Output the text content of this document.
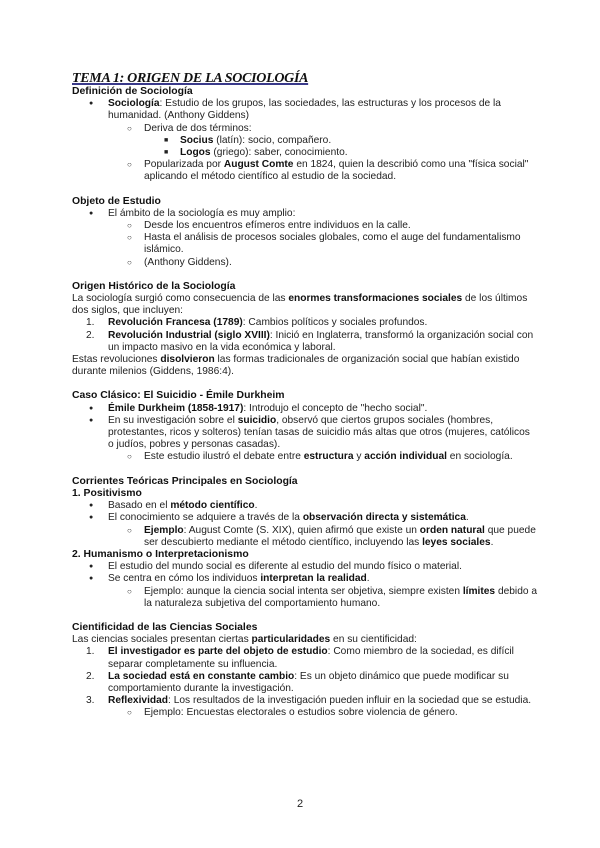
TEMA 1: ORIGEN DE LA SOCIOLOGÍA
Definición de Sociología
● Sociología: Estudio de los grupos, las sociedades, las estructuras y los procesos de la humanidad. (Anthony Giddens)
○ Deriva de dos términos:
■ Socius (latín): socio, compañero.
■ Logos (griego): saber, conocimiento.
○ Popularizada por August Comte en 1824, quien la describió como una "física social" aplicando el método científico al estudio de la sociedad.
Objeto de Estudio
● El ámbito de la sociología es muy amplio:
○ Desde los encuentros efímeros entre individuos en la calle.
○ Hasta el análisis de procesos sociales globales, como el auge del fundamentalismo islámico.
○ (Anthony Giddens).
Origen Histórico de la Sociología

La sociología surgió como consecuencia de las enormes transformaciones sociales de los últimos dos siglos, que incluyen:

1. Revolución Francesa (1789): Cambios políticos y sociales profundos.
2. Revolución Industrial (siglo XVIII): Inició en Inglaterra, transformó la organización social con un impacto masivo en la vida económica y laboral.

Estas revoluciones disolvieron las formas tradicionales de organización social que habían existido durante milenios (Giddens, 1986:4).

Caso Clásico: El Suicidio - Émile Durkheim
● Émile Durkheim (1858-1917): Introdujo el concepto de "hecho social".
● En su investigación sobre el suicidio, observó que ciertos grupos sociales (hombres, protestantes, ricos y solteros) tenían tasas de suicidio más altas que otros (mujeres, católicos o judíos, pobres y personas casadas).
○ Este estudio ilustró el debate entre estructura y acción individual en sociología.
Corrientes Teóricas Principales en Sociología
1. Positivismo
● Basado en el método científico.
● El conocimiento se adquiere a través de la observación directa y sistemática.
○ Ejemplo: August Comte (S. XIX), quien afirmó que existe un orden natural que puede ser descubierto mediante el método científico, incluyendo las leyes sociales.
2. Humanismo o Interpretacionismo
● El estudio del mundo social es diferente al estudio del mundo físico o material.
● Se centra en cómo los individuos interpretan la realidad.
○ Ejemplo: aunque la ciencia social intenta ser objetiva, siempre existen límites debido a la naturaleza subjetiva del comportamiento humano.
Cientificidad de las Ciencias Sociales

Las ciencias sociales presentan ciertas particularidades en su cientificidad:

1. El investigador es parte del objeto de estudio: Como miembro de la sociedad, es difícil separar completamente su influencia.
2. La sociedad está en constante cambio: Es un objeto dinámico que puede modificar su comportamiento durante la investigación.
3. Reflexividad: Los resultados de la investigación pueden influir en la sociedad que se estudia.
○ Ejemplo: Encuestas electorales o estudios sobre violencia de género.
2
